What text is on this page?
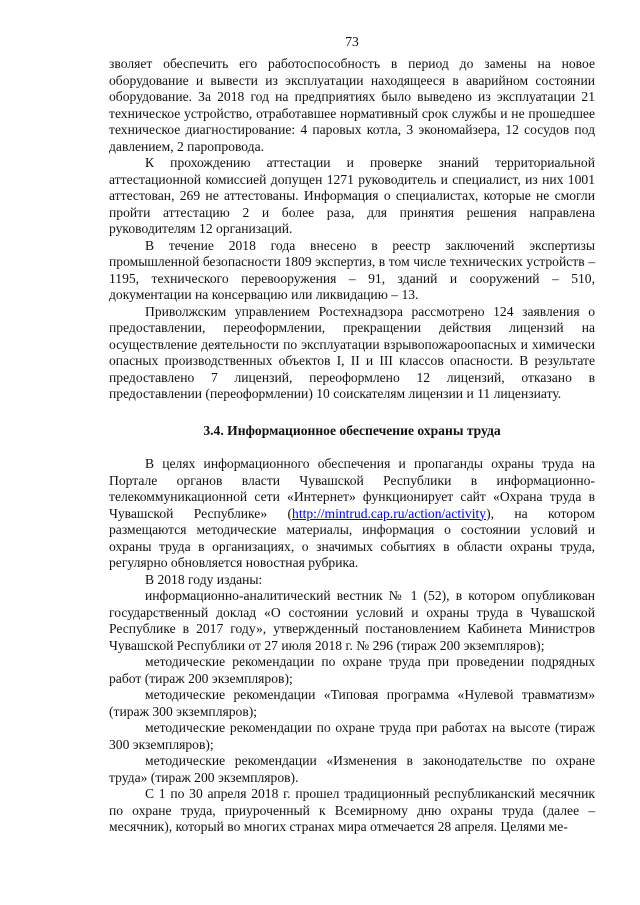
73

зволяет обеспечить его работоспособность в период до замены на новое оборудование и вывести из эксплуатации находящееся в аварийном состоянии оборудование. За 2018 год на предприятиях было выведено из эксплуатации 21 техническое устройство, отработавшее нормативный срок службы и не прошедшее техническое диагностирование: 4 паровых котла, 3 экономайзера, 12 сосудов под давлением, 2 паропровода.

К прохождению аттестации и проверке знаний территориальной аттестационной комиссией допущен 1271 руководитель и специалист, из них 1001 аттестован, 269 не аттестованы. Информация о специалистах, которые не смогли пройти аттестацию 2 и более раза, для принятия решения направлена руководителям 12 организаций.

В течение 2018 года внесено в реестр заключений экспертизы промышленной безопасности 1809 экспертиз, в том числе технических устройств – 1195, технического перевооружения – 91, зданий и сооружений – 510, документации на консервацию или ликвидацию – 13.

Приволжским управлением Ростехнадзора рассмотрено 124 заявления о предоставлении, переоформлении, прекращении действия лицензий на осуществление деятельности по эксплуатации взрывопожароопасных и химически опасных производственных объектов I, II и III классов опасности. В результате предоставлено 7 лицензий, переоформлено 12 лицензий, отказано в предоставлении (переоформлении) 10 соискателям лицензии и 11 лицензиату.

3.4. Информационное обеспечение охраны труда

В целях информационного обеспечения и пропаганды охраны труда на Портале органов власти Чувашской Республики в информационно-телекоммуникационной сети «Интернет» функционирует сайт «Охрана труда в Чувашской Республике» (http://mintrud.cap.ru/action/activity), на котором размещаются методические материалы, информация о состоянии условий и охраны труда в организациях, о значимых событиях в области охраны труда, регулярно обновляется новостная рубрика.

В 2018 году изданы:

информационно-аналитический вестник № 1 (52), в котором опубликован государственный доклад «О состоянии условий и охраны труда в Чувашской Республике в 2017 году», утвержденный постановлением Кабинета Министров Чувашской Республики от 27 июля 2018 г. № 296 (тираж 200 экземпляров);

методические рекомендации по охране труда при проведении подрядных работ (тираж 200 экземпляров);

методические рекомендации «Типовая программа «Нулевой травматизм» (тираж 300 экземпляров);

методические рекомендации по охране труда при работах на высоте (тираж 300 экземпляров);

методические рекомендации «Изменения в законодательстве по охране труда» (тираж 200 экземпляров).

С 1 по 30 апреля 2018 г. прошел традиционный республиканский месячник по охране труда, приуроченный к Всемирному дню охраны труда (далее – месячник), который во многих странах мира отмечается 28 апреля. Целями ме-
